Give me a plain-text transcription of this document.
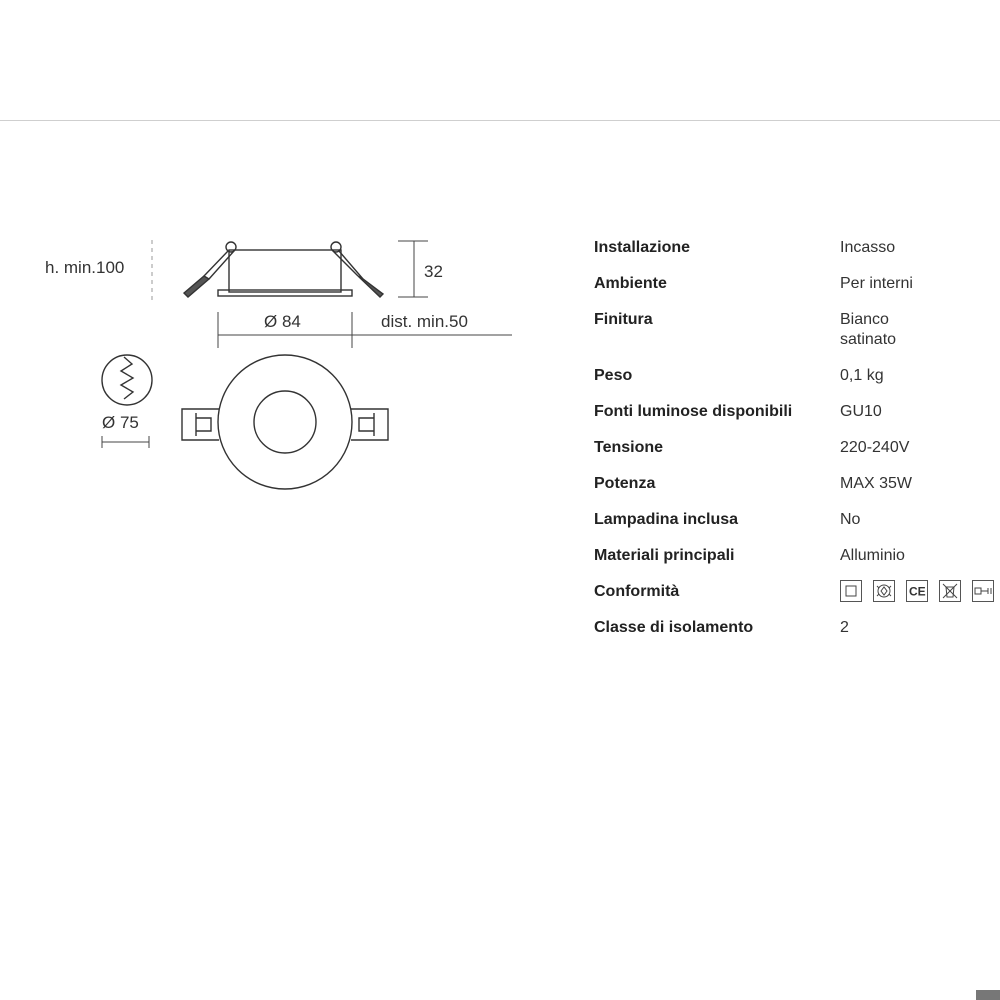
h. min.100	32
Ø 84	dist. min.50
Ø 75
Installazione	Incasso
Ambiente	Per interni
Finitura	Bianco
satinato

Peso	0,1 kg
Fonti luminose disponibili	GU10
Tensione	220-240V
Potenza	MAX 35W
Lampadina inclusa	No
Materiali principali	Alluminio
Conformità	CE

Classe di isolamento	2
